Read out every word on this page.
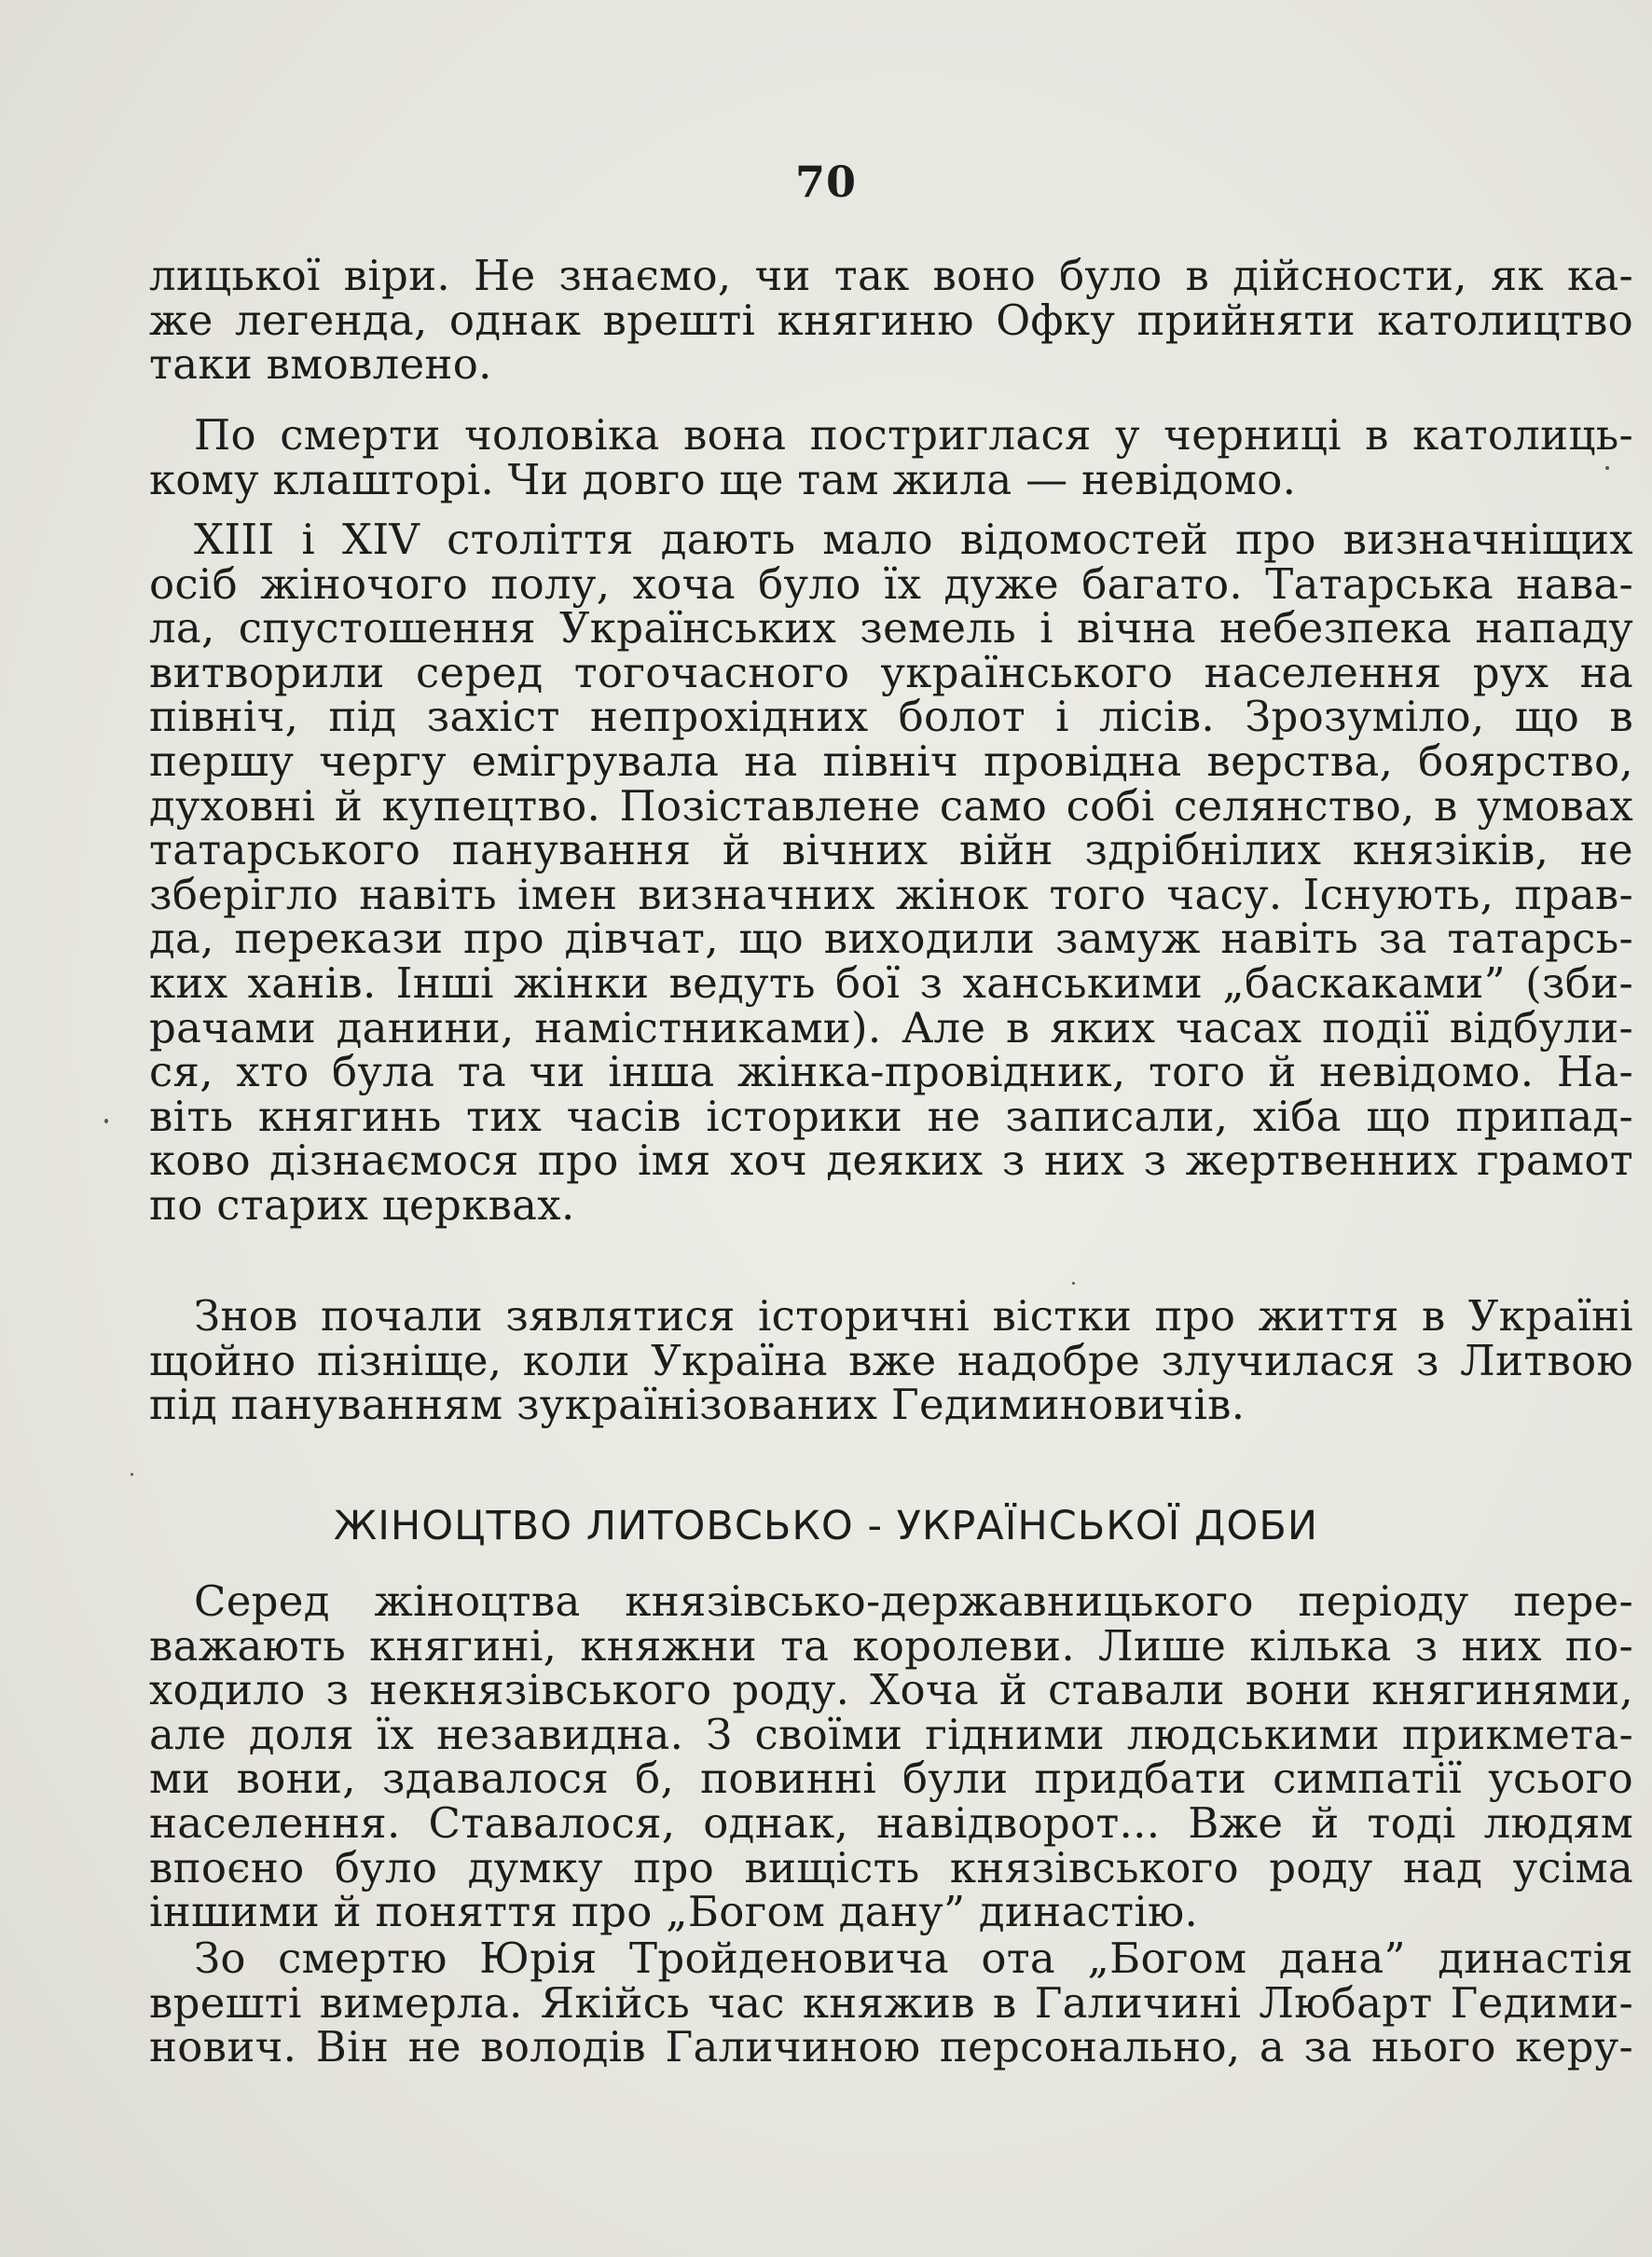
70
лицької віри. Не знаємо, чи так воно було в дійсности, як ка-
же легенда, однак врешті княгиню Офку прийняти католицтво
таки вмовлено.
По смерти чоловіка вона постриглася у черниці в католиць-
кому клашторі. Чи довго ще там жила — невідомо.
XIII і XIV століття дають мало відомостей про визначніщих
осіб жіночого полу, хоча було їх дуже багато. Татарська нава-
ла, спустошення Українських земель і вічна небезпека нападу
витворили серед тогочасного українського населення рух на
північ, під захіст непрохідних болот і лісів. Зрозуміло, що в
першу чергу емігрувала на північ провідна верства, боярство,
духовні й купецтво. Позіставлене само собі селянство, в умовах
татарського панування й вічних війн здрібнілих князіків, не
зберігло навіть імен визначних жінок того часу. Існують, прав-
да, перекази про дівчат, що виходили замуж навіть за татарсь-
ких ханів. Інші жінки ведуть бої з ханськими „баскаками” (зби-
рачами данини, намістниками). Але в яких часах події відбули-
ся, хто була та чи інша жінка-провідник, того й невідомо. На-
віть княгинь тих часів історики не записали, хіба що припад-
ково дізнаємося про імя хоч деяких з них з жертвенних грамот
по старих церквах.
Знов почали зявлятися історичні вістки про життя в Україні
щойно пізніще, коли Україна вже надобре злучилася з Литвою
під пануванням зукраїнізованих Гедиминовичів.
ЖІНОЦТВО ЛИТОВСЬКО - УКРАЇНСЬКОЇ ДОБИ
Серед жіноцтва князівсько-державницького періоду пере-
важають княгині, княжни та королеви. Лише кілька з них по-
ходило з некнязівського роду. Хоча й ставали вони княгинями,
але доля їх незавидна. З своїми гідними людськими прикмета-
ми вони, здавалося б, повинні були придбати симпатії усього
населення. Ставалося, однак, навідворот... Вже й тоді людям
впоєно було думку про вищість князівського роду над усіма
іншими й поняття про „Богом дану” династію.
Зо смертю Юрія Тройденовича ота „Богом дана” династія
врешті вимерла. Якійсь час княжив в Галичині Любарт Гедими-
нович. Він не володів Галичиною персонально, а за нього керу-
